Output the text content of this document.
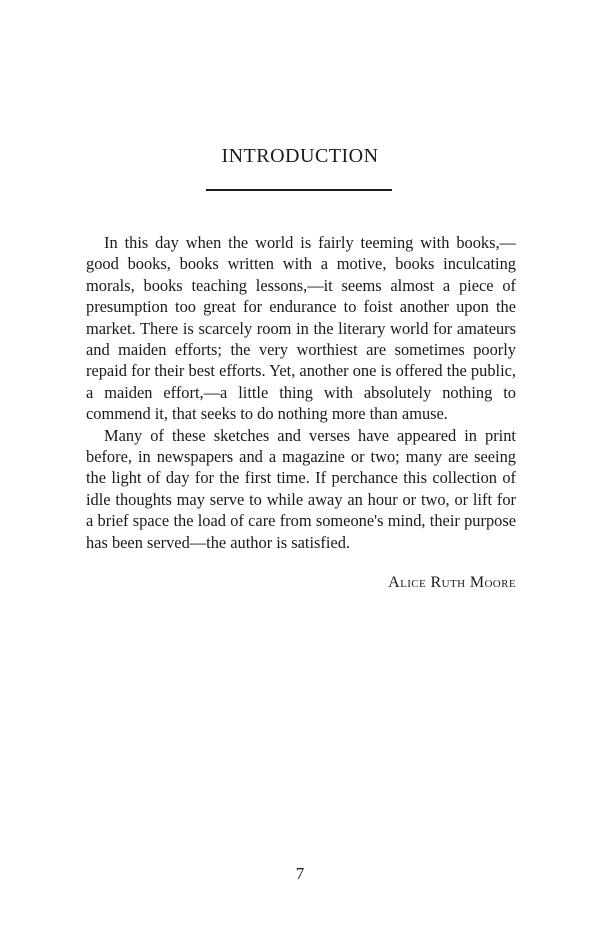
INTRODUCTION

In this day when the world is fairly teeming with books,—good books, books written with a motive, books inculcating morals, books teaching lessons,—it seems almost a piece of presumption too great for endurance to foist another upon the market. There is scarcely room in the literary world for amateurs and maiden efforts; the very worthiest are sometimes poorly repaid for their best efforts. Yet, another one is offered the public, a maiden effort,—a little thing with absolutely nothing to commend it, that seeks to do nothing more than amuse.

Many of these sketches and verses have appeared in print before, in newspapers and a magazine or two; many are seeing the light of day for the first time. If perchance this collection of idle thoughts may serve to while away an hour or two, or lift for a brief space the load of care from someone's mind, their purpose has been served—the author is satisfied.

Alice Ruth Moore
7
